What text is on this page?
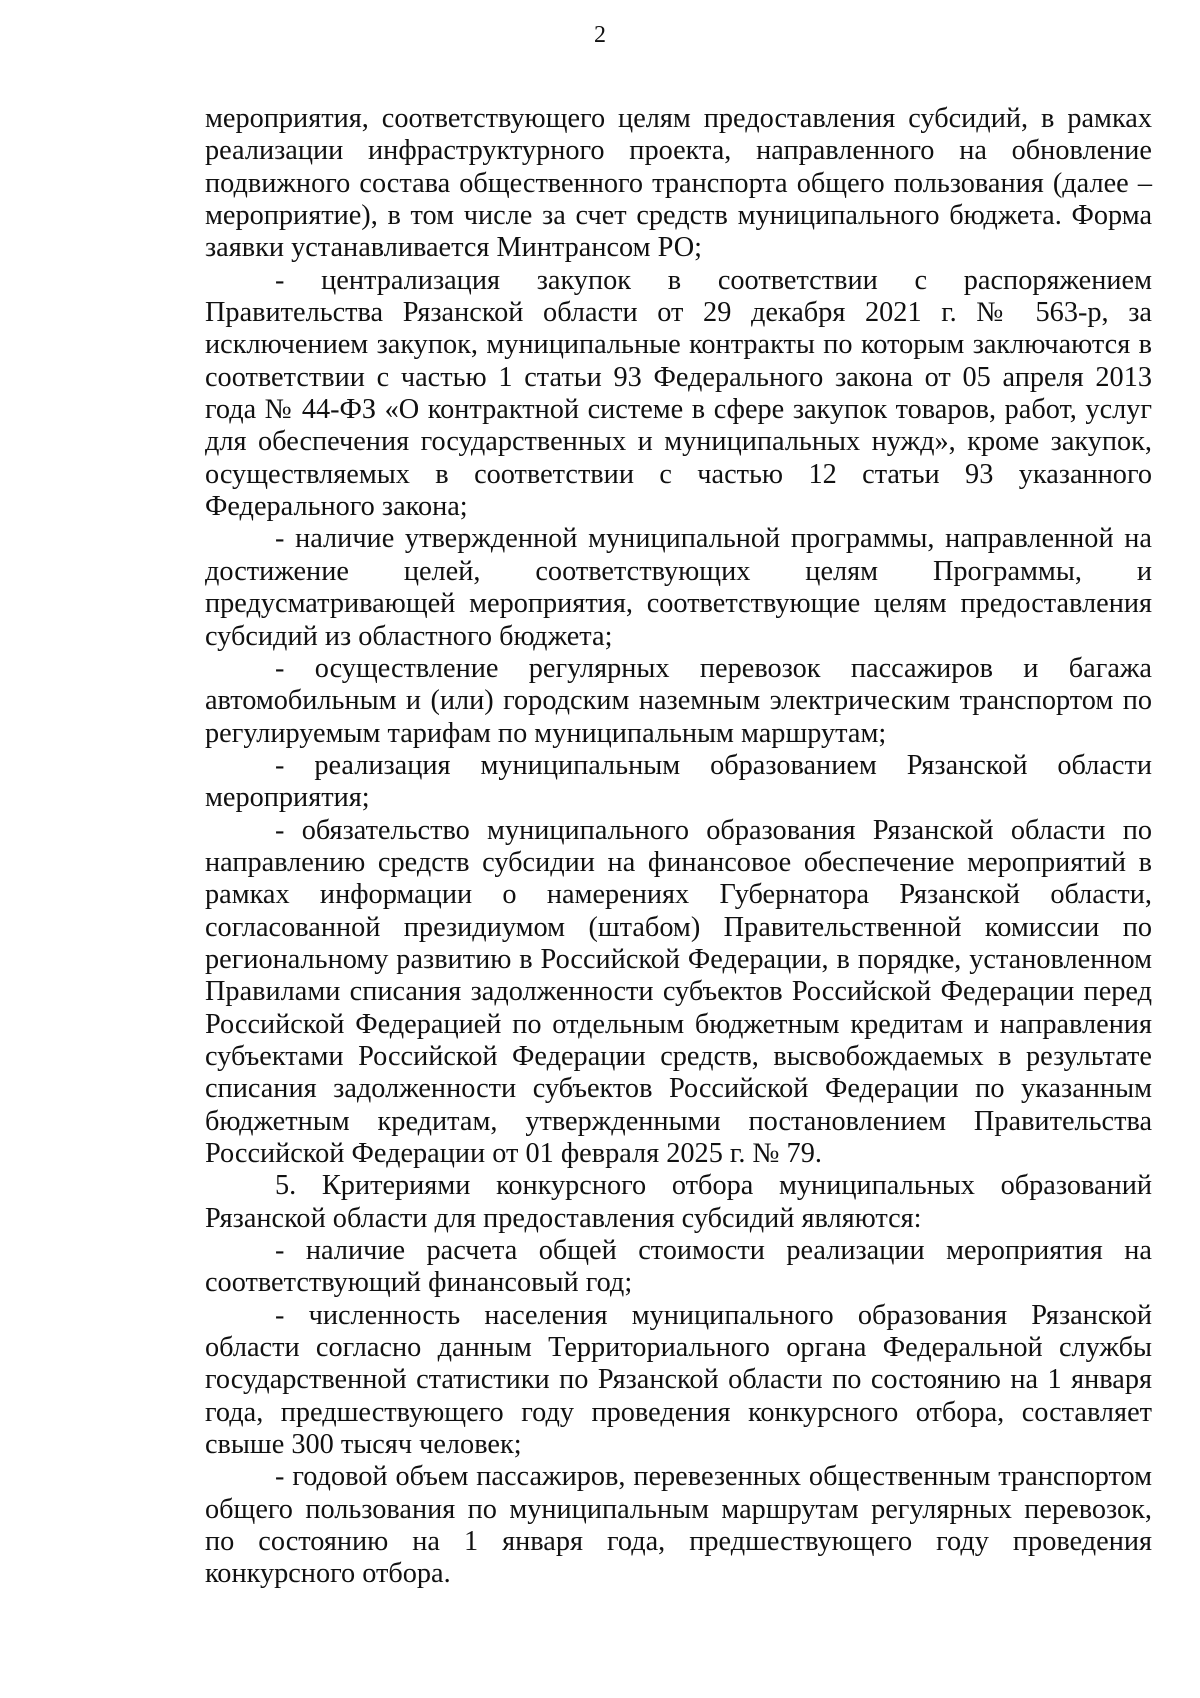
2

мероприятия, соответствующего целям предоставления субсидий, в рамках реализации инфраструктурного проекта, направленного на обновление подвижного состава общественного транспорта общего пользования (далее – мероприятие), в том числе за счет средств муниципального бюджета. Форма заявки устанавливается Минтрансом РО;

- централизация закупок в соответствии с распоряжением Правительства Рязанской области от 29 декабря 2021 г. № 563-р, за исключением закупок, муниципальные контракты по которым заключаются в соответствии с частью 1 статьи 93 Федерального закона от 05 апреля 2013 года № 44-ФЗ «О контрактной системе в сфере закупок товаров, работ, услуг для обеспечения государственных и муниципальных нужд», кроме закупок, осуществляемых в соответствии с частью 12 статьи 93 указанного Федерального закона;

- наличие утвержденной муниципальной программы, направленной на достижение целей, соответствующих целям Программы, и предусматривающей мероприятия, соответствующие целям предоставления субсидий из областного бюджета;

- осуществление регулярных перевозок пассажиров и багажа автомобильным и (или) городским наземным электрическим транспортом по регулируемым тарифам по муниципальным маршрутам;

- реализация муниципальным образованием Рязанской области мероприятия;

- обязательство муниципального образования Рязанской области по направлению средств субсидии на финансовое обеспечение мероприятий в рамках информации о намерениях Губернатора Рязанской области, согласованной президиумом (штабом) Правительственной комиссии по региональному развитию в Российской Федерации, в порядке, установленном Правилами списания задолженности субъектов Российской Федерации перед Российской Федерацией по отдельным бюджетным кредитам и направления субъектами Российской Федерации средств, высвобождаемых в результате списания задолженности субъектов Российской Федерации по указанным бюджетным кредитам, утвержденными постановлением Правительства Российской Федерации от 01 февраля 2025 г. № 79.

5. Критериями конкурсного отбора муниципальных образований Рязанской области для предоставления субсидий являются:

- наличие расчета общей стоимости реализации мероприятия на соответствующий финансовый год;

- численность населения муниципального образования Рязанской области согласно данным Территориального органа Федеральной службы государственной статистики по Рязанской области по состоянию на 1 января года, предшествующего году проведения конкурсного отбора, составляет свыше 300 тысяч человек;

- годовой объем пассажиров, перевезенных общественным транспортом общего пользования по муниципальным маршрутам регулярных перевозок, по состоянию на 1 января года, предшествующего году проведения конкурсного отбора.
